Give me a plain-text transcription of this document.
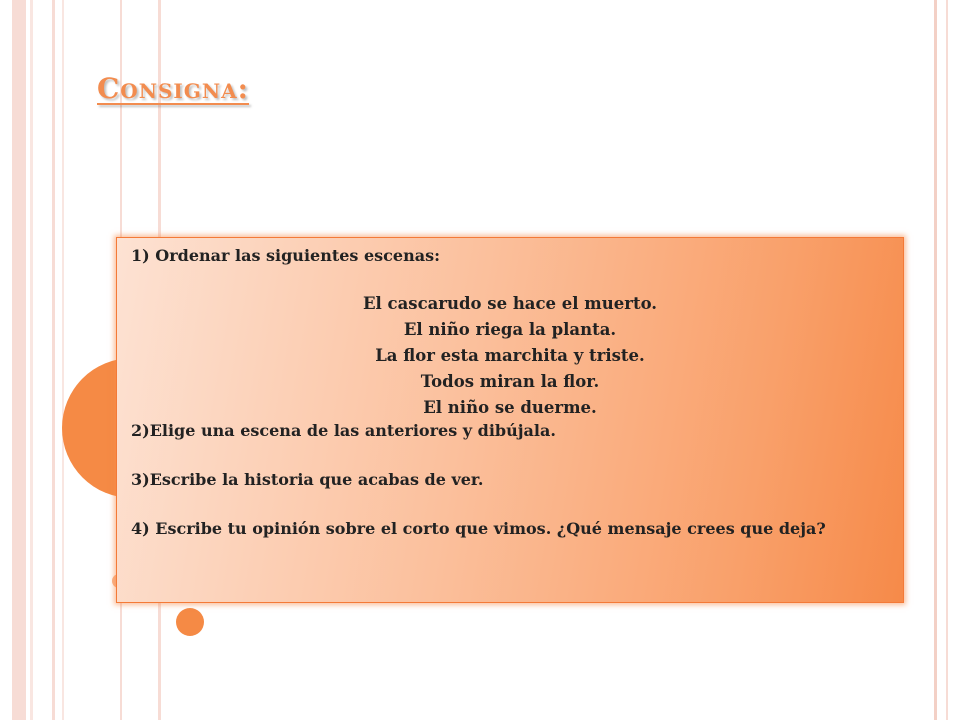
Consigna:

1) Ordenar las siguientes escenas:

El cascarudo se hace el muerto.

El niño riega la planta.

La flor esta marchita y triste.

Todos miran la flor.

El niño se duerme.

2)Elige una escena de las anteriores y dibújala.

3)Escribe la historia que acabas de ver.

4) Escribe tu opinión sobre el corto que vimos. ¿Qué mensaje crees que deja?
